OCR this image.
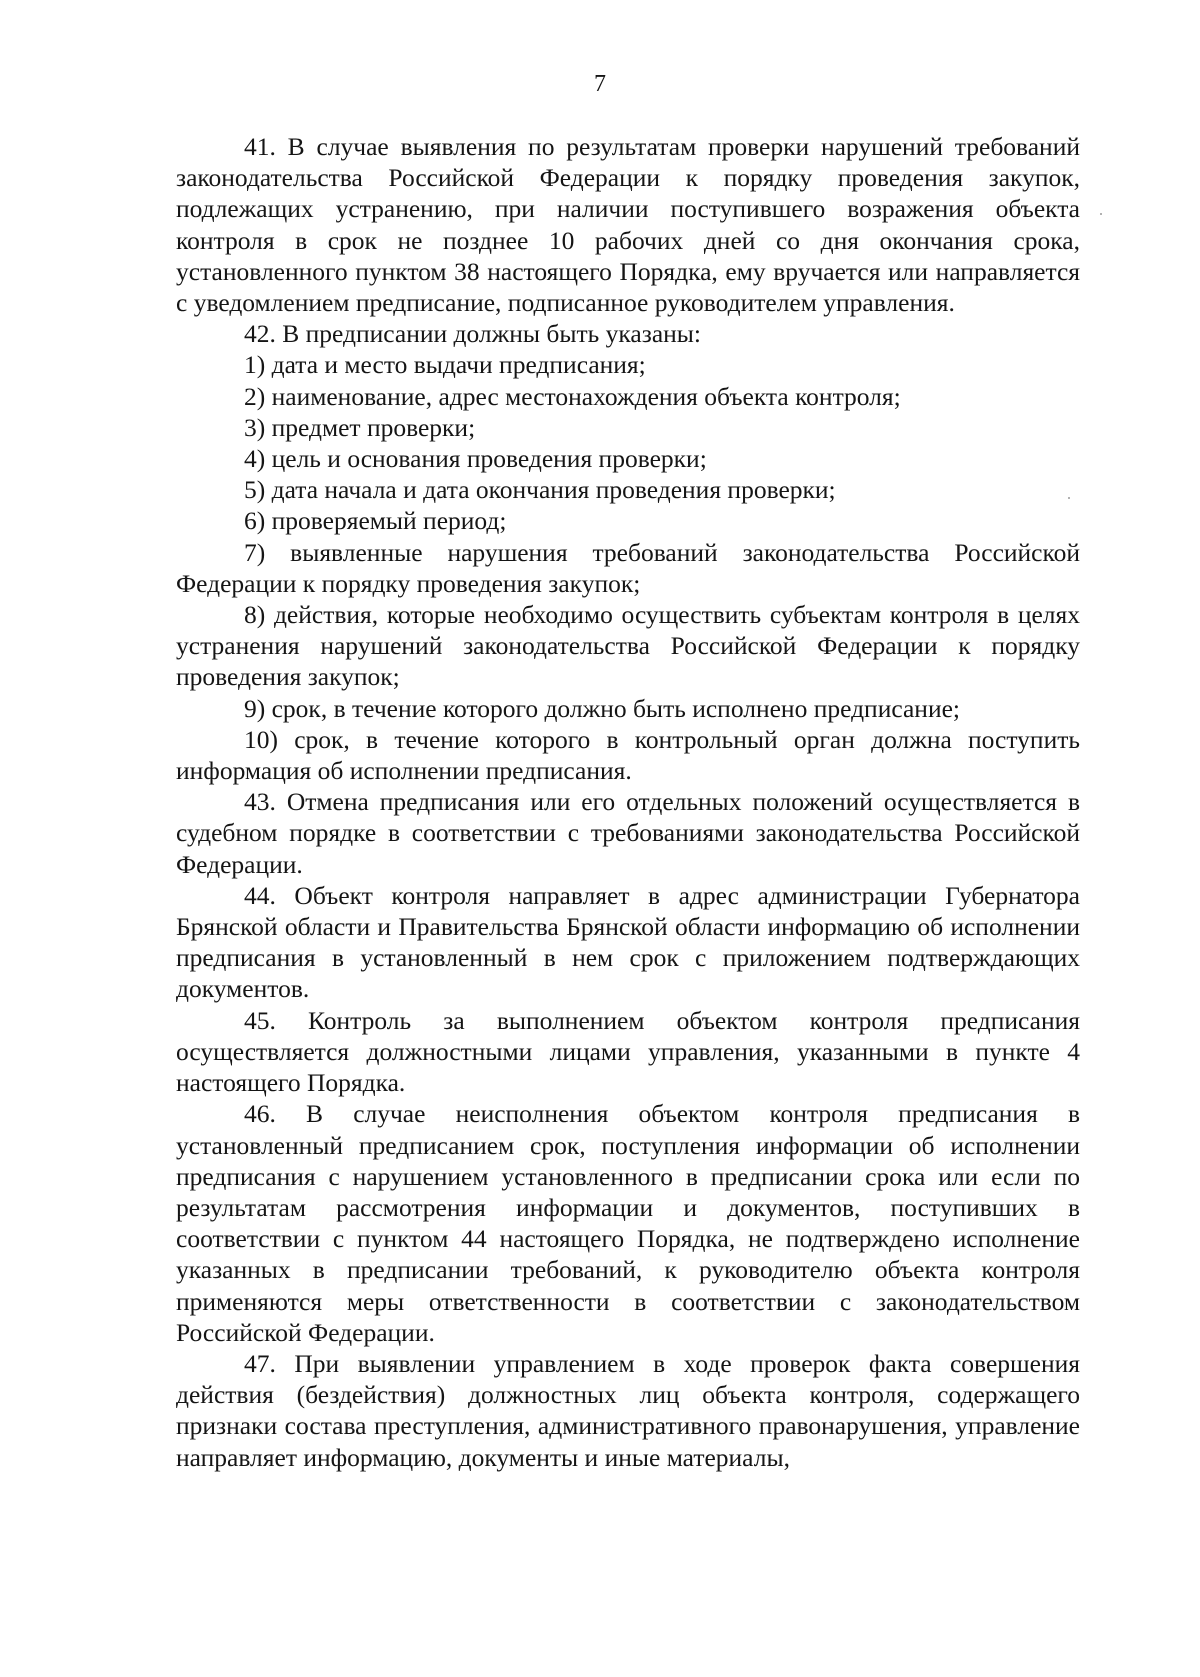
7

41. В случае выявления по результатам проверки нарушений требований законодательства Российской Федерации к порядку проведения закупок, подлежащих устранению, при наличии поступившего возражения объекта контроля в срок не позднее 10 рабочих дней со дня окончания срока, установленного пунктом 38 настоящего Порядка, ему вручается или направляется с уведомлением предписание, подписанное руководителем управления.

42. В предписании должны быть указаны:

1) дата и место выдачи предписания;

2) наименование, адрес местонахождения объекта контроля;

3) предмет проверки;

4) цель и основания проведения проверки;

5) дата начала и дата окончания проведения проверки;

6) проверяемый период;

7) выявленные нарушения требований законодательства Российской Федерации к порядку проведения закупок;

8) действия, которые необходимо осуществить субъектам контроля в целях устранения нарушений законодательства Российской Федерации к порядку проведения закупок;

9) срок, в течение которого должно быть исполнено предписание;

10) срок, в течение которого в контрольный орган должна поступить информация об исполнении предписания.

43. Отмена предписания или его отдельных положений осуществляется в судебном порядке в соответствии с требованиями законодательства Российской Федерации.

44. Объект контроля направляет в адрес администрации Губернатора Брянской области и Правительства Брянской области информацию об исполнении предписания в установленный в нем срок с приложением подтверждающих документов.

45. Контроль за выполнением объектом контроля предписания осуществляется должностными лицами управления, указанными в пункте 4 настоящего Порядка.

46. В случае неисполнения объектом контроля предписания в установленный предписанием срок, поступления информации об исполнении предписания с нарушением установленного в предписании срока или если по результатам рассмотрения информации и документов, поступивших в соответствии с пунктом 44 настоящего Порядка, не подтверждено исполнение указанных в предписании требований, к руководителю объекта контроля применяются меры ответственности в соответствии с законодательством Российской Федерации.

47. При выявлении управлением в ходе проверок факта совершения действия (бездействия) должностных лиц объекта контроля, содержащего признаки состава преступления, административного правонарушения, управление направляет информацию, документы и иные материалы,
